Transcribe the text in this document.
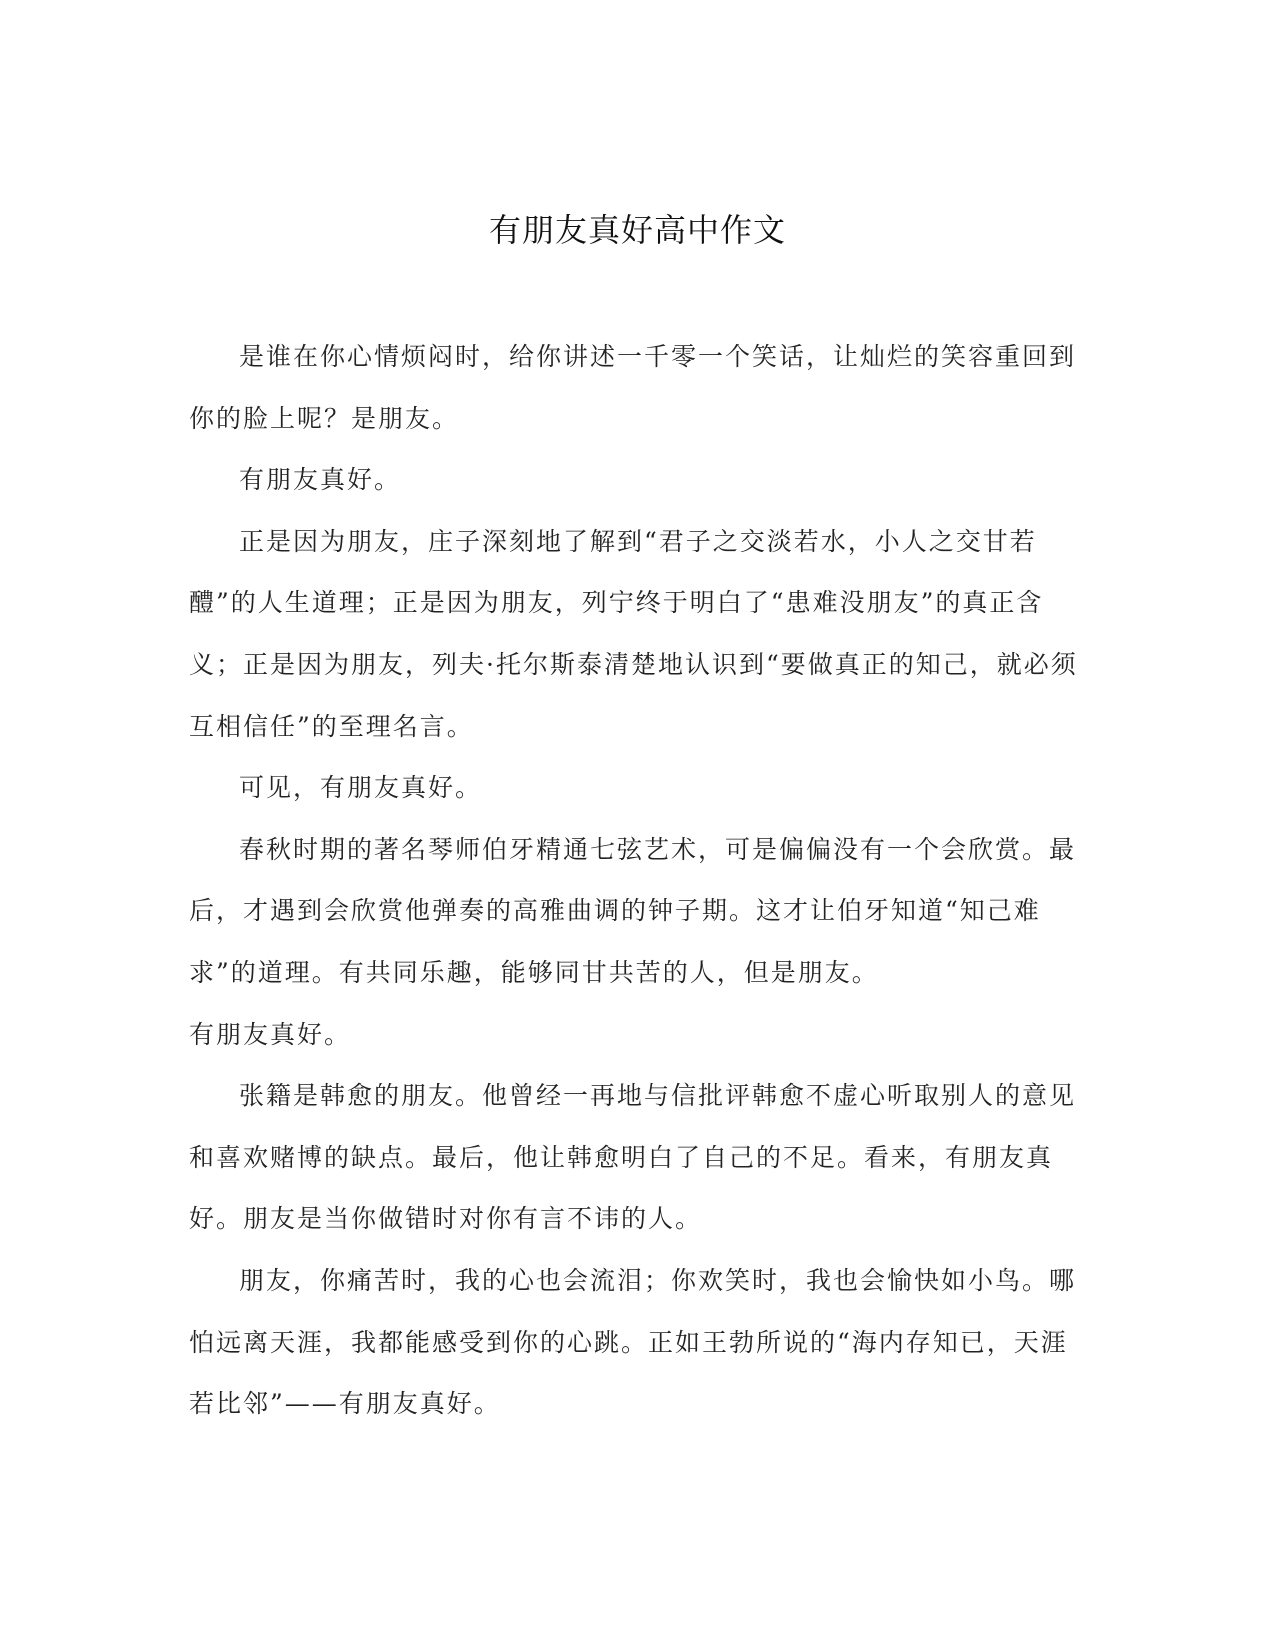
有朋友真好高中作文

是谁在你心情烦闷时，给你讲述一千零一个笑话，让灿烂的笑容重回到你的脸上呢？是朋友。

有朋友真好。

正是因为朋友，庄子深刻地了解到“君子之交淡若水，小人之交甘若醴”的人生道理；正是因为朋友，列宁终于明白了“患难没朋友”的真正含义；正是因为朋友，列夫·托尔斯泰清楚地认识到“要做真正的知己，就必须互相信任”的至理名言。

可见，有朋友真好。

春秋时期的著名琴师伯牙精通七弦艺术，可是偏偏没有一个会欣赏。最后，才遇到会欣赏他弹奏的高雅曲调的钟子期。这才让伯牙知道“知己难求”的道理。有共同乐趣，能够同甘共苦的人，但是朋友。

有朋友真好。

张籍是韩愈的朋友。他曾经一再地与信批评韩愈不虚心听取别人的意见和喜欢赌博的缺点。最后，他让韩愈明白了自己的不足。看来，有朋友真好。朋友是当你做错时对你有言不讳的人。

朋友，你痛苦时，我的心也会流泪；你欢笑时，我也会愉快如小鸟。哪怕远离天涯，我都能感受到你的心跳。正如王勃所说的“海内存知已，天涯若比邻”——有朋友真好。
